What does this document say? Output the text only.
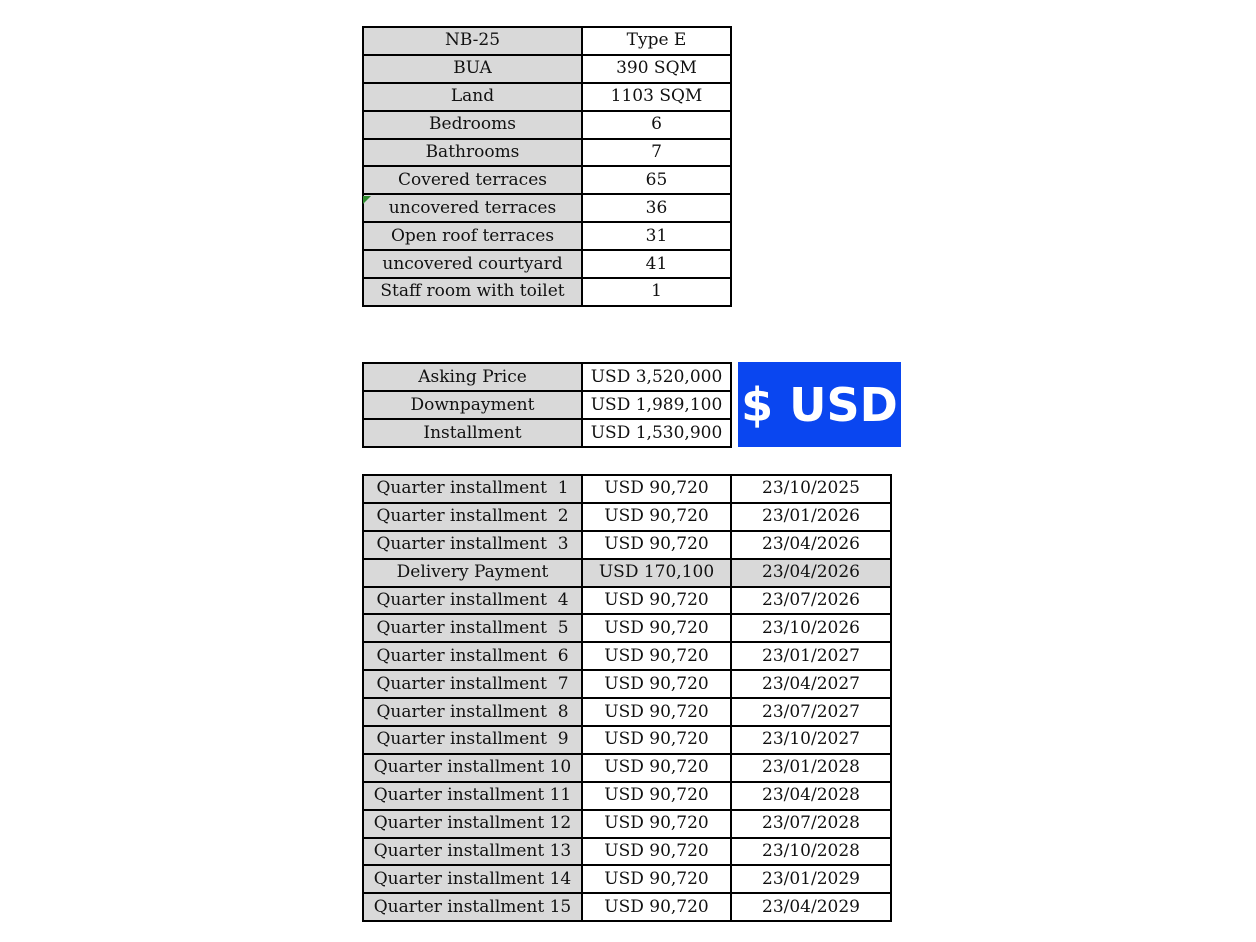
NB-25	Type E
BUA	390 SQM
Land	1103 SQM
Bedrooms	6
Bathrooms	7
Covered terraces	65
uncovered terraces	36
Open roof terraces	31
uncovered courtyard	41
Staff room with toilet	1
Asking Price	USD 3,520,000
Downpayment	USD 1,989,100
Installment	USD 1,530,900
$ USD
Quarter installment  1	USD 90,720	23/10/2025
Quarter installment  2	USD 90,720	23/01/2026
Quarter installment  3	USD 90,720	23/04/2026
Delivery Payment	USD 170,100	23/04/2026
Quarter installment  4	USD 90,720	23/07/2026
Quarter installment  5	USD 90,720	23/10/2026
Quarter installment  6	USD 90,720	23/01/2027
Quarter installment  7	USD 90,720	23/04/2027
Quarter installment  8	USD 90,720	23/07/2027
Quarter installment  9	USD 90,720	23/10/2027
Quarter installment 10	USD 90,720	23/01/2028
Quarter installment 11	USD 90,720	23/04/2028
Quarter installment 12	USD 90,720	23/07/2028
Quarter installment 13	USD 90,720	23/10/2028
Quarter installment 14	USD 90,720	23/01/2029
Quarter installment 15	USD 90,720	23/04/2029
